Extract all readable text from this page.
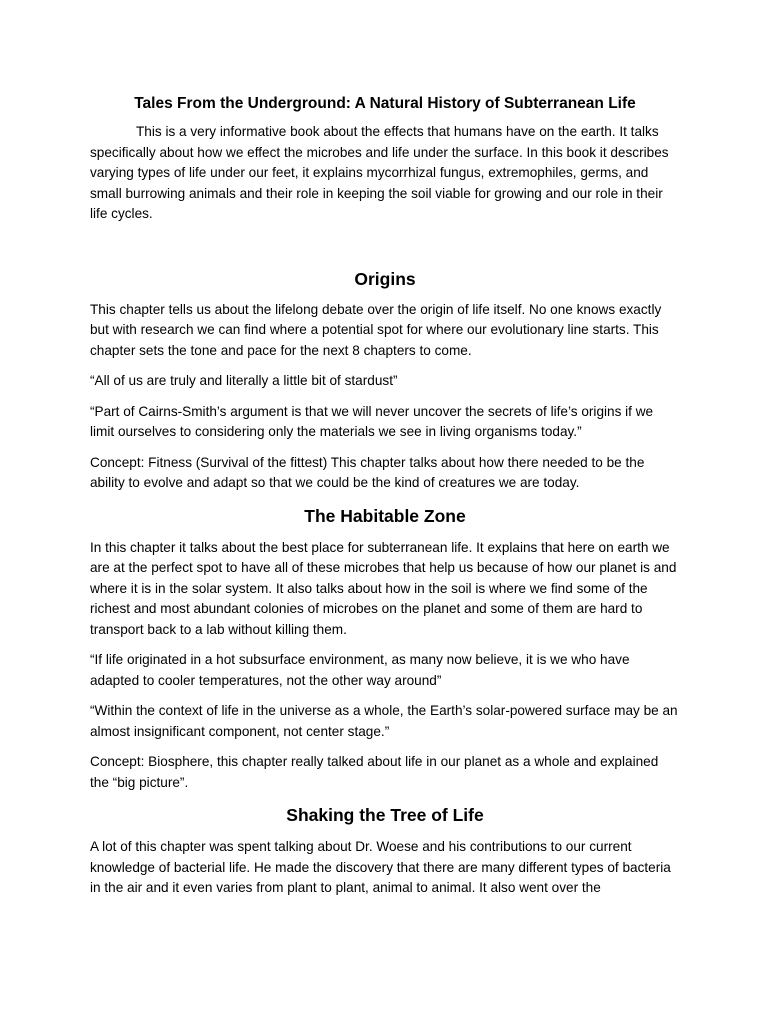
Tales From the Underground: A Natural History of Subterranean Life

This is a very informative book about the effects that humans have on the earth. It talks specifically about how we effect the microbes and life under the surface. In this book it describes varying types of life under our feet, it explains mycorrhizal fungus, extremophiles, germs, and small burrowing animals and their role in keeping the soil viable for growing and our role in their life cycles.

Origins

This chapter tells us about the lifelong debate over the origin of life itself. No one knows exactly but with research we can find where a potential spot for where our evolutionary line starts. This chapter sets the tone and pace for the next 8 chapters to come.

“All of us are truly and literally a little bit of stardust”

“Part of Cairns-Smith’s argument is that we will never uncover the secrets of life’s origins if we limit ourselves to considering only the materials we see in living organisms today.”

Concept: Fitness (Survival of the fittest) This chapter talks about how there needed to be the ability to evolve and adapt so that we could be the kind of creatures we are today.

The Habitable Zone

In this chapter it talks about the best place for subterranean life. It explains that here on earth we are at the perfect spot to have all of these microbes that help us because of how our planet is and where it is in the solar system. It also talks about how in the soil is where we find some of the richest and most abundant colonies of microbes on the planet and some of them are hard to transport back to a lab without killing them.

“If life originated in a hot subsurface environment, as many now believe, it is we who have adapted to cooler temperatures, not the other way around”

“Within the context of life in the universe as a whole, the Earth’s solar-powered surface may be an almost insignificant component, not center stage.”

Concept: Biosphere, this chapter really talked about life in our planet as a whole and explained the “big picture”.

Shaking the Tree of Life

A lot of this chapter was spent talking about Dr. Woese and his contributions to our current knowledge of bacterial life. He made the discovery that there are many different types of bacteria in the air and it even varies from plant to plant, animal to animal. It also went over the
